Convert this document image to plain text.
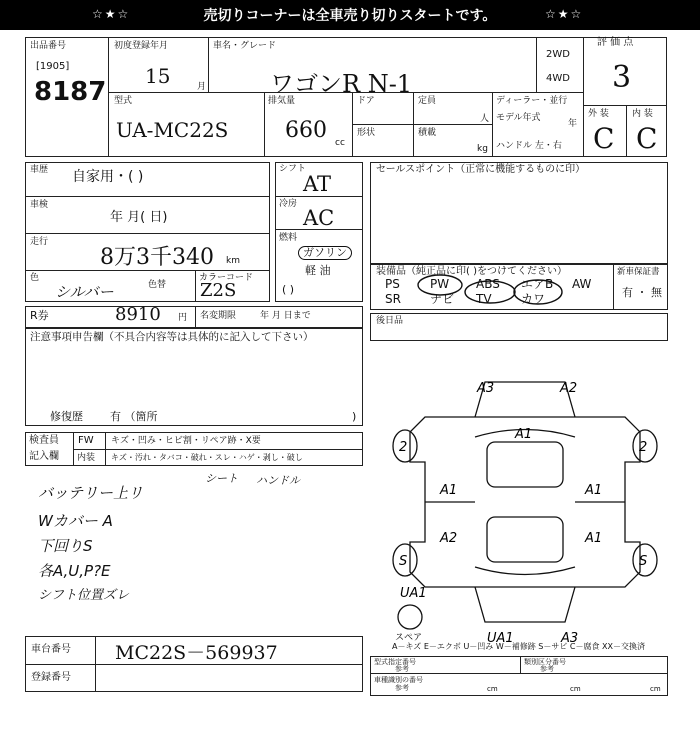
☆★☆	売切りコーナーは全車売り切りスタートです。	☆★☆
出品番号
[1905]
8187
初度登録年月
15	月
車名・グレード
ワゴンR N-1
2WD
4WD
評 価 点
3
型式
UA-MC22S
排気量
660 cc
ドア
形状
定員
人
積載
kg
ディーラー・並行
モデル年式
年
ハンドル 左・右
外 装	内 装
C C
車歴 自家用・( )
車検
年 月( 日)
走行
8万3千340 km
色
シルバー	色替
カラーコード
Z2S
シフト
AT
冷房
AC
燃料
ガソリン
軽 油
( )
セールスポイント（正常に機能するものに印）
装備品（純正品に印( )をつけてください）	新車保証書
有 ・ 無
PS	PW ABS エアB AW
SR ナビ TV カワ
R券	8910 円 名変期限	年 月 日まで
注意事項申告欄（不具合内容等は具体的に記入して下さい）
修復歴 有 （箇所	)
後日品
検査員
記入欄
FW キズ・凹み・ヒビ割・リペア跡・X要
内装 キズ・汚れ・タバコ・破れ・スレ・ハゲ・剥し・破し
シート ハンドル
バッテリー上リ
Wカバー A
下回りS
各A,U,P?E
シフト位置ズレ
A3	A2
A1
2	2
A1	A1
A2	A1
S	S
UA1
UA1	A3
スペア
A－キズ E－エクボ U－凹み W－補修跡 S－サビ C－腐食 XX－交換済
車台番号 MC22S－569937
登録番号
型式指定番号
参考
類別区分番号
参考
車種識別の番号
参考	cm	cm	cm
